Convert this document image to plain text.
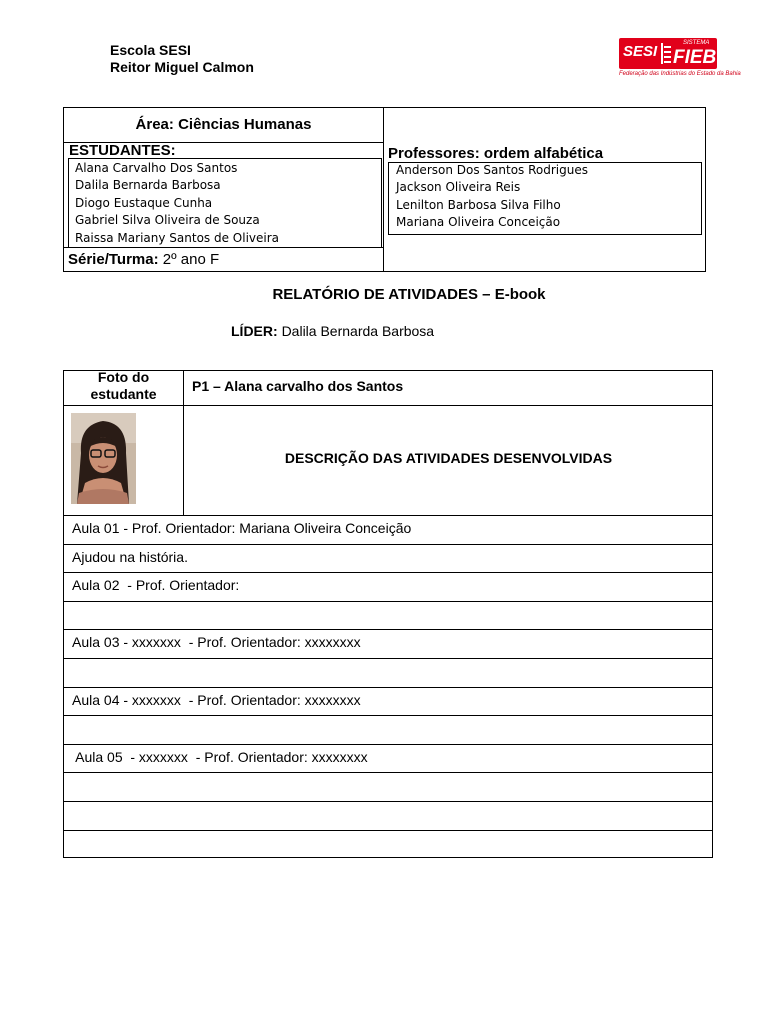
Escola SESI
Reitor Miguel Calmon
SESI	SISTEMA
FIEB
Federação das Indústrias do Estado da Bahia
Área: Ciências Humanas
ESTUDANTES:
Alana Carvalho Dos Santos
Dalila Bernarda Barbosa
Diogo Eustaque Cunha
Gabriel Silva Oliveira de Souza
Raissa Mariany Santos de Oliveira
Série/Turma: 2º ano F
Professores: ordem alfabética
Anderson Dos Santos Rodrigues
Jackson Oliveira Reis
Lenilton Barbosa Silva Filho
Mariana Oliveira Conceição
RELATÓRIO DE ATIVIDADES – E-book
LÍDER: Dalila Bernarda Barbosa
Foto do estudante	P1 – Alana carvalho dos Santos
DESCRIÇÃO DAS ATIVIDADES DESENVOLVIDAS
Aula 01 - Prof. Orientador: Mariana Oliveira Conceição
Ajudou na história.
Aula 02  - Prof. Orientador:
Aula 03 - xxxxxxx  - Prof. Orientador: xxxxxxxx
Aula 04 - xxxxxxx  - Prof. Orientador: xxxxxxxx
Aula 05  - xxxxxxx  - Prof. Orientador: xxxxxxxx
